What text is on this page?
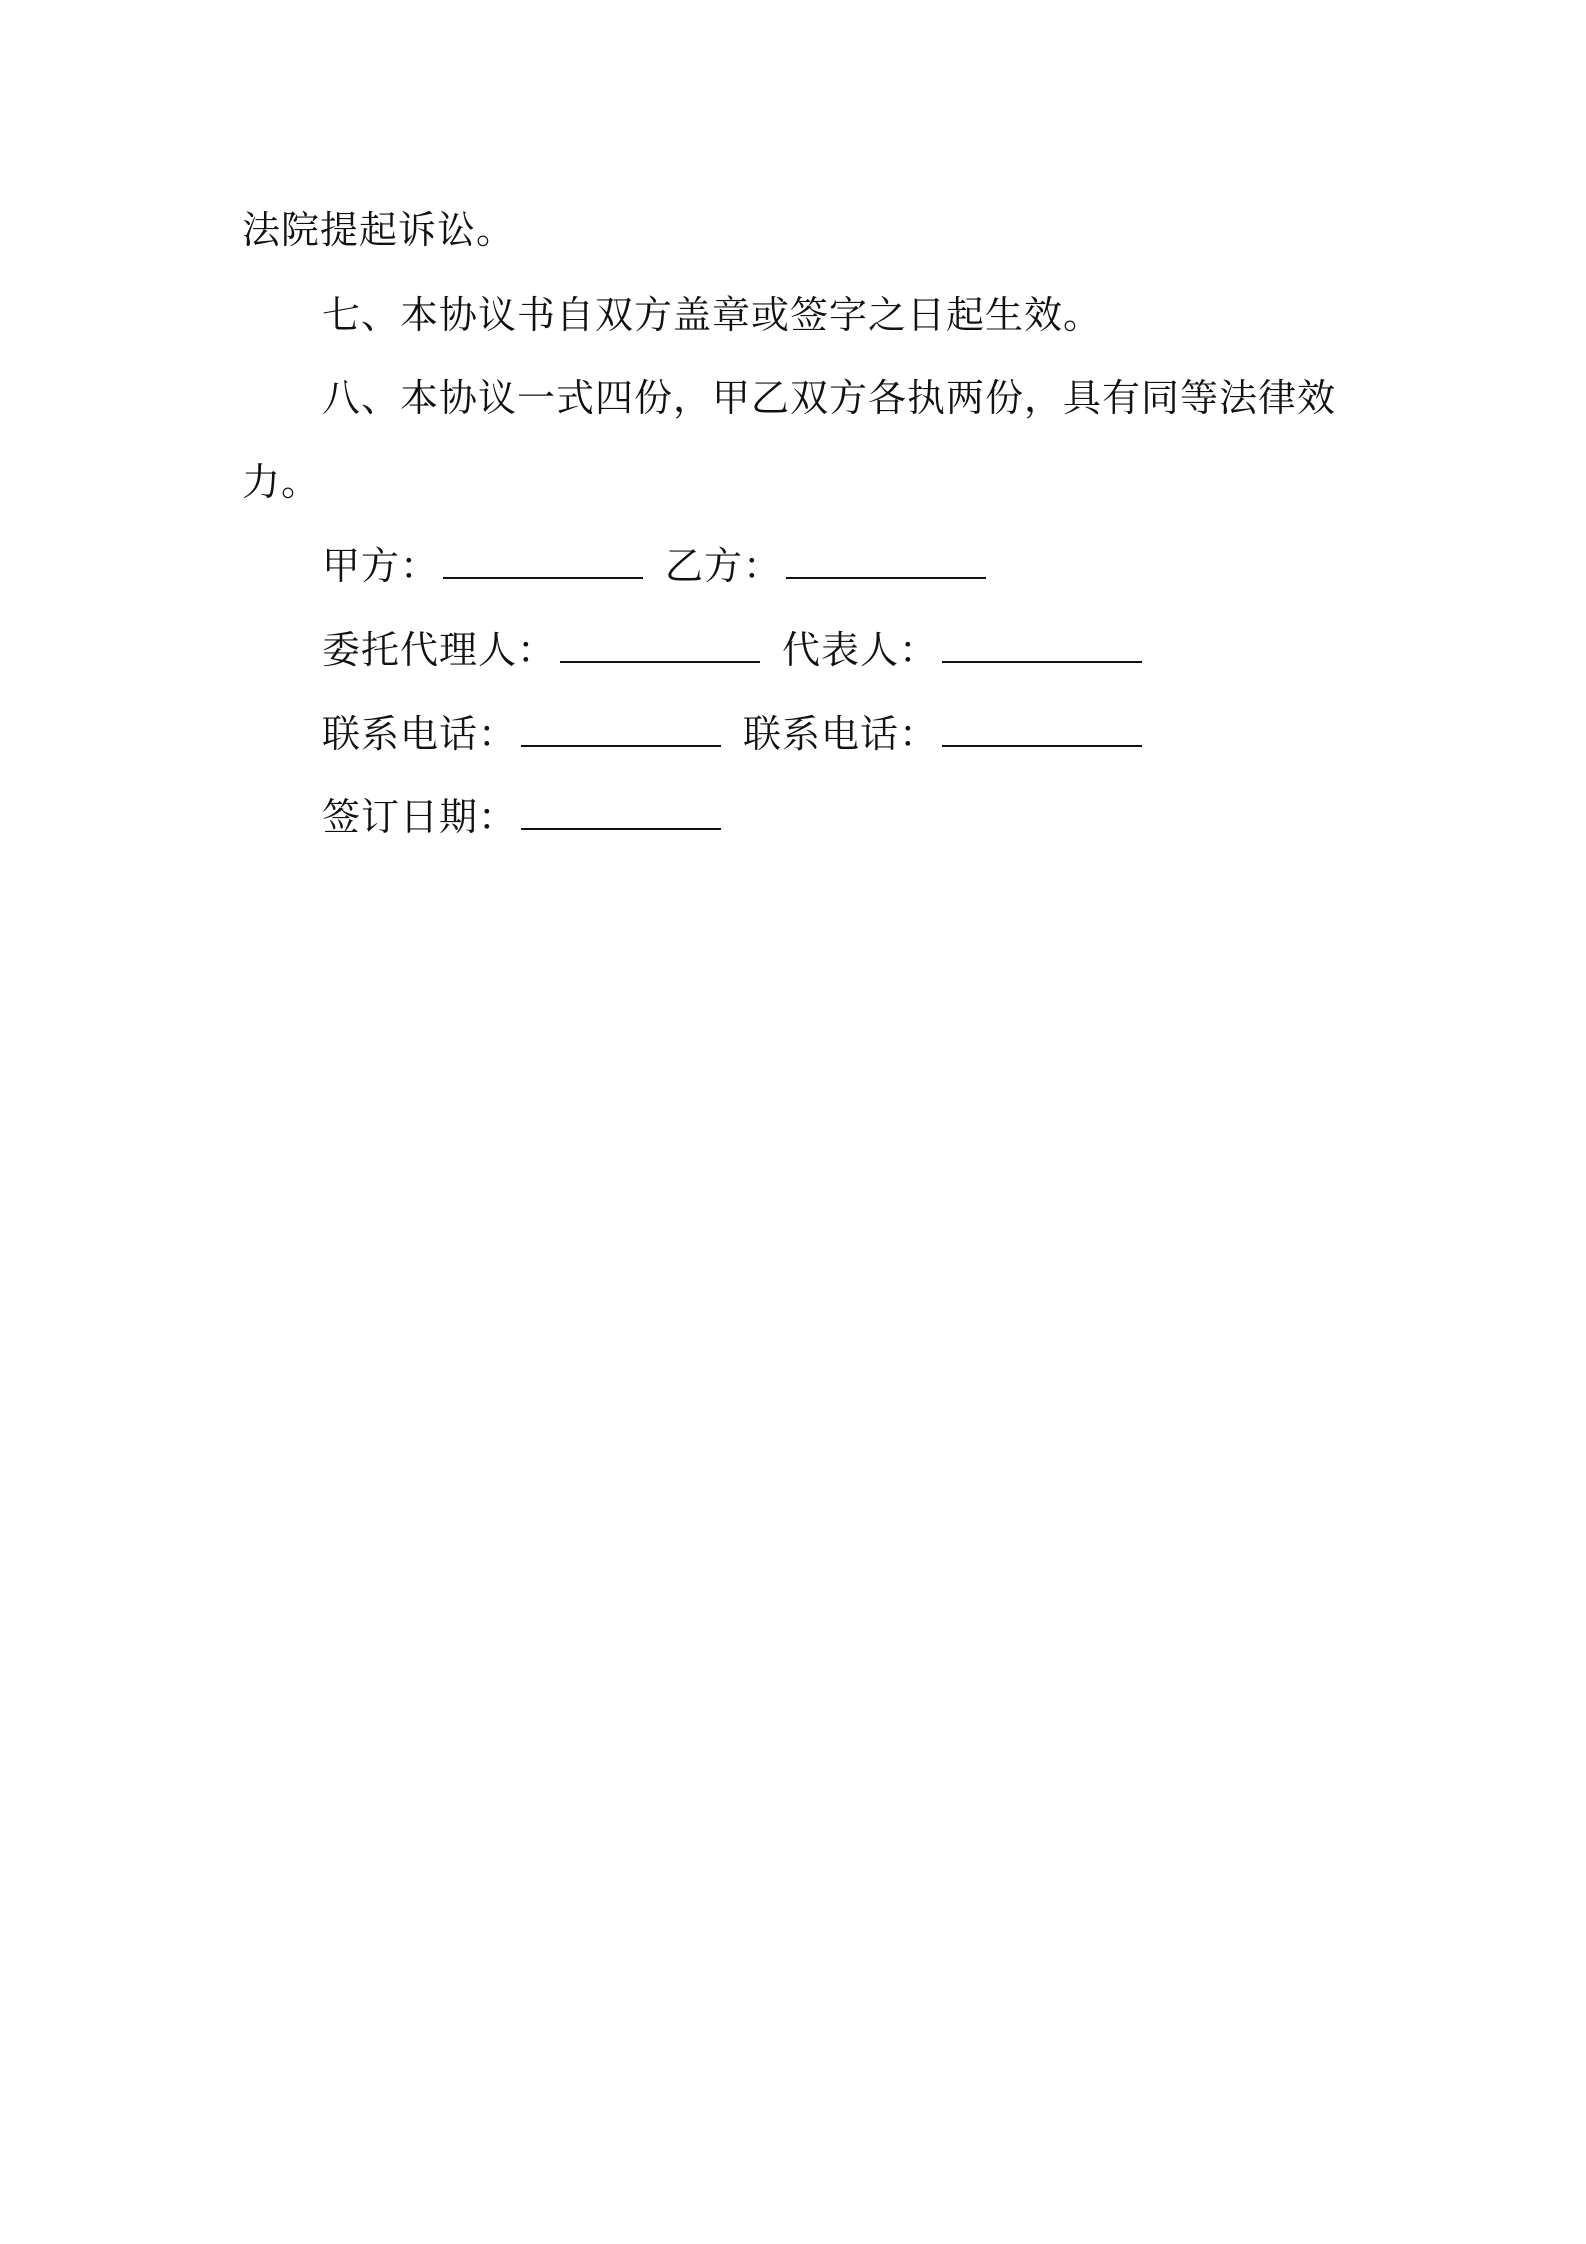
法院提起诉讼。
七、本协议书自双方盖章或签字之日起生效。
八、本协议一式四份，甲乙双方各执两份，具有同等法律效
力。
甲方：	乙方：
委托代理人：	代表人：
联系电话：	联系电话：
签订日期：
